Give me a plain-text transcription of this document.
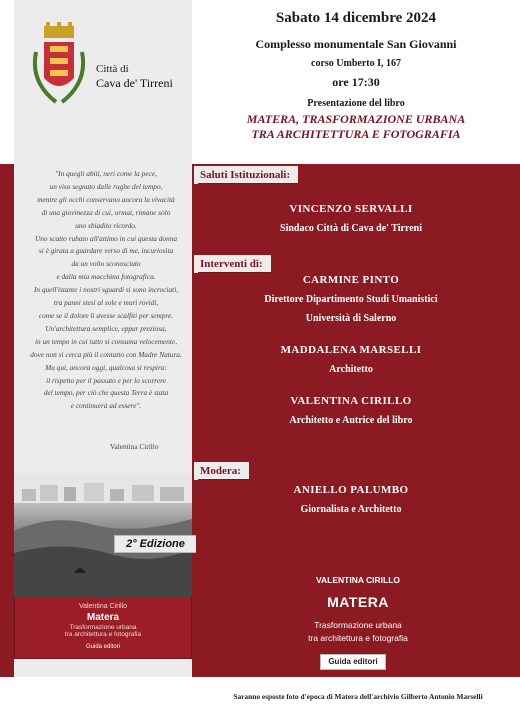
Città di
Cava de' Tirreni
Sabato 14 dicembre 2024
Complesso monumentale San Giovanni
corso Umberto I, 167
ore 17:30
Presentazione del libro
MATERA, TRASFORMAZIONE URBANA
TRA ARCHITETTURA E FOTOGRAFIA
Saluti Istituzionali:
Interventi di:
Modera:
VINCENZO SERVALLI
Sindaco Città di Cava de' Tirreni
CARMINE PINTO
Direttore Dipartimento Studi Umanistici
Università di Salerno
MADDALENA MARSELLI
Architetto
VALENTINA CIRILLO
Architetto e Autrice del libro
ANIELLO PALUMBO
Giornalista e Architetto
"In quegli abiti, neri come la pece,
un viso segnato dalle rughe del tempo,
mentre gli occhi conservano ancora la vivacità
di una giovinezza di cui, ormai, rimane solo
uno sbiadito ricordo.
Uno scatto rubato all'attimo in cui questa donna
si è girata a guardare verso di me, incuriosita
da un volto sconosciuto
e dalla mia macchina fotografica.
In quell'istante i nostri sguardi si sono incrociati,
tra panni stesi al sole e muri rovidi,
come se il dolore li avesse scalfiti per sempre.
Un'architettura semplice, eppur preziosa,
in un tempo in cui tutto si consuma velocemente,
dove non si cerca più il contatto con Madre Natura.
Ma qui, ancora oggi, qualcosa si respira:
il rispetto per il passato e per lo scorrere
del tempo, per ciò che questa Terra è stata
e continuerà ad essere".
Valentina Cirillo
2° Edizione
Valentina Cirillo
Matera
Trasformazione urbana
tra architettura e fotografia
Guida editori
VALENTINA CIRILLO
MATERA
Trasformazione urbana
tra architettura e fotografia
Guida editori
Saranno esposte foto d'epoca di Matera dell'archivio Gilberto Antonio Marselli
